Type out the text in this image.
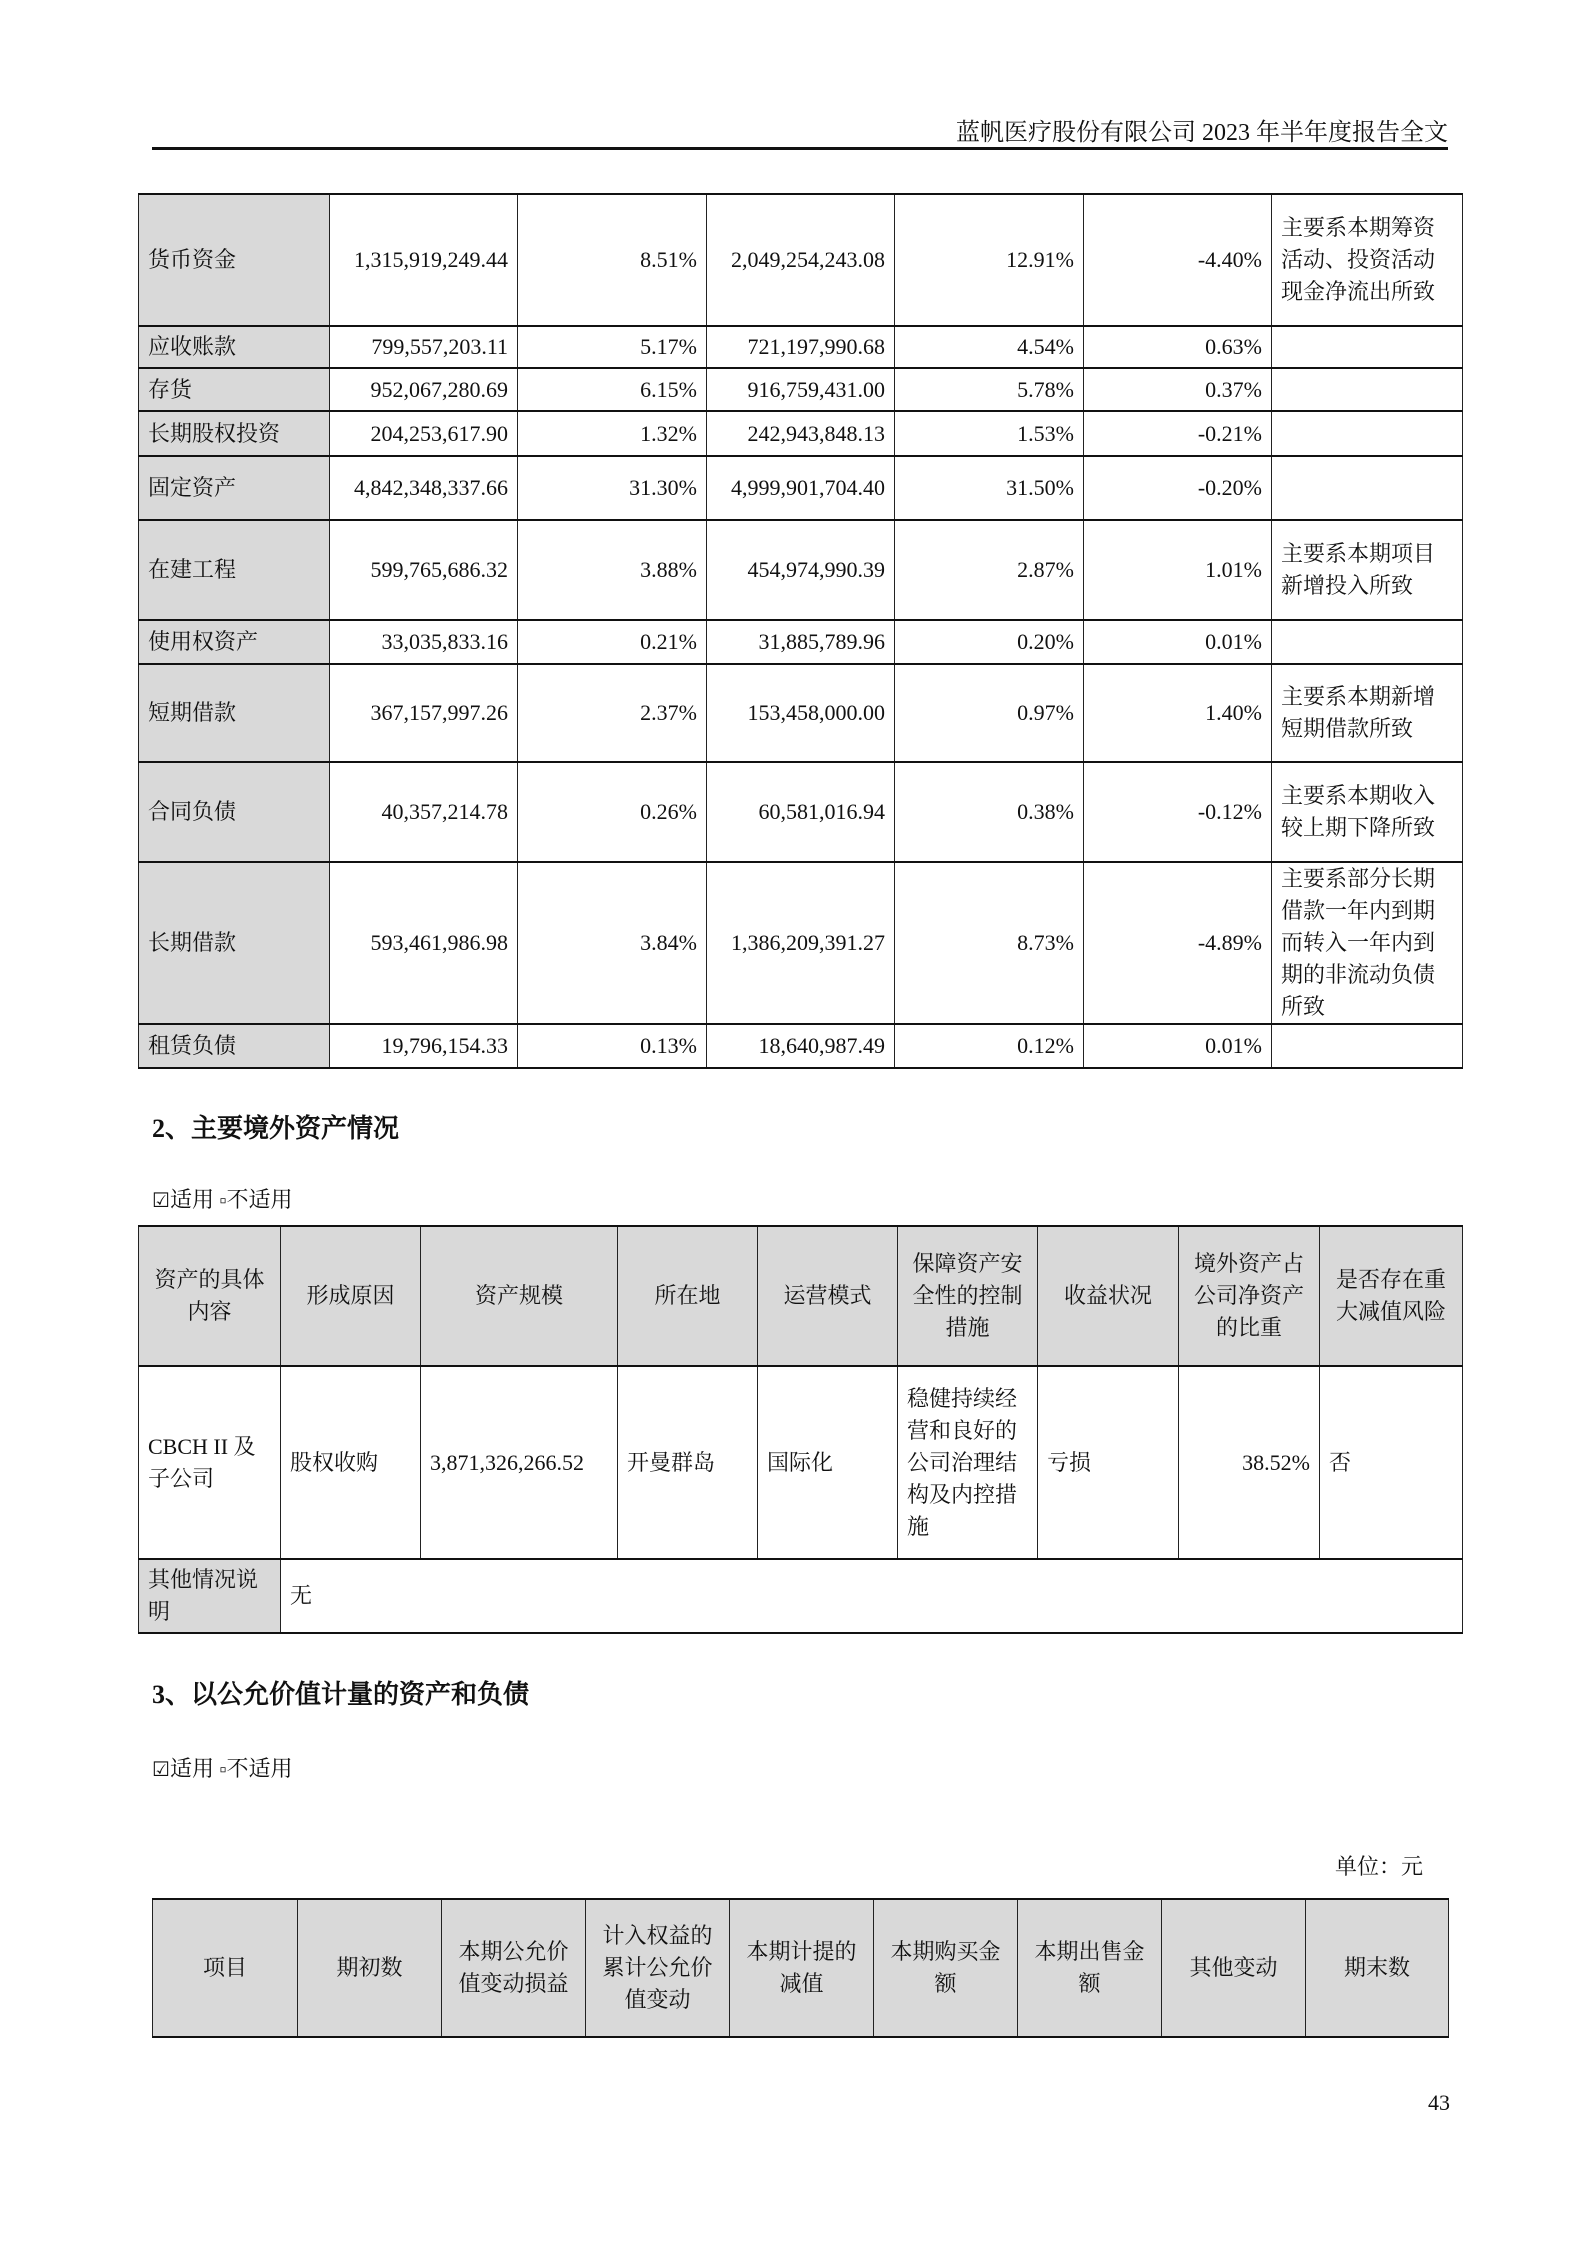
蓝帆医疗股份有限公司 2023 年半年度报告全文
货币资金	1,315,919,249.44	8.51%	2,049,254,243.08	12.91%	-4.40%	主要系本期筹资活动、投资活动现金净流出所致
应收账款	799,557,203.11	5.17%	721,197,990.68	4.54%	0.63%	
存货	952,067,280.69	6.15%	916,759,431.00	5.78%	0.37%	
长期股权投资	204,253,617.90	1.32%	242,943,848.13	1.53%	-0.21%	
固定资产	4,842,348,337.66	31.30%	4,999,901,704.40	31.50%	-0.20%	
在建工程	599,765,686.32	3.88%	454,974,990.39	2.87%	1.01%	主要系本期项目新增投入所致
使用权资产	33,035,833.16	0.21%	31,885,789.96	0.20%	0.01%	
短期借款	367,157,997.26	2.37%	153,458,000.00	0.97%	1.40%	主要系本期新增短期借款所致
合同负债	40,357,214.78	0.26%	60,581,016.94	0.38%	-0.12%	主要系本期收入较上期下降所致
长期借款	593,461,986.98	3.84%	1,386,209,391.27	8.73%	-4.89%	主要系部分长期借款一年内到期而转入一年内到期的非流动负债所致
租赁负债	19,796,154.33	0.13%	18,640,987.49	0.12%	0.01%	
2、主要境外资产情况
☑适用 ▫不适用
资产的具体内容	形成原因	资产规模	所在地	运营模式	保障资产安全性的控制措施	收益状况	境外资产占公司净资产的比重	是否存在重大减值风险
CBCH II 及子公司	股权收购	3,871,326,266.52	开曼群岛	国际化	稳健持续经营和良好的公司治理结构及内控措施	亏损	38.52%	否
其他情况说明	无							
3、以公允价值计量的资产和负债
☑适用 ▫不适用
单位：元
项目	期初数	本期公允价值变动损益	计入权益的累计公允价值变动	本期计提的减值	本期购买金额	本期出售金额	其他变动	期末数
43
